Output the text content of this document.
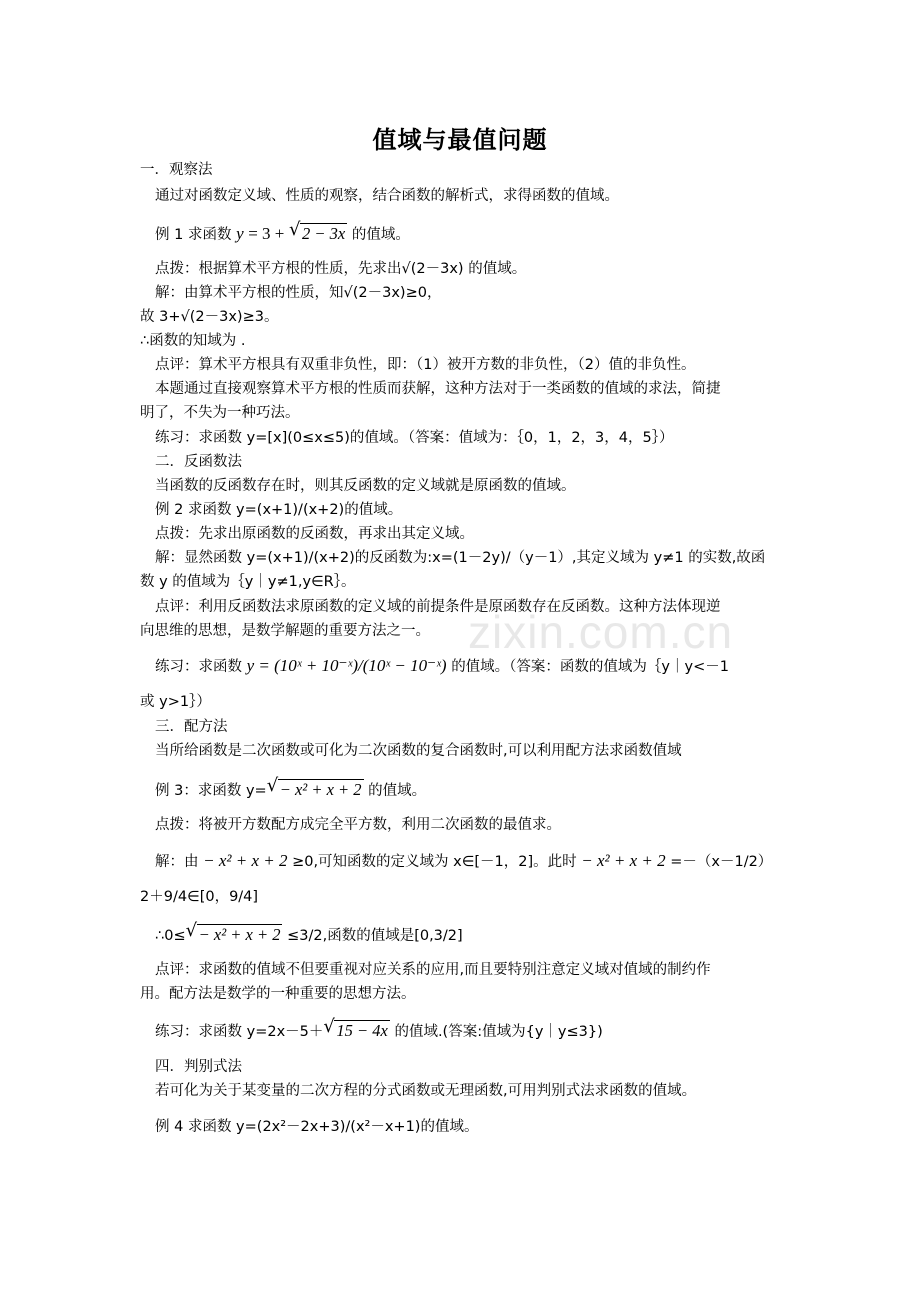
值域与最值问题
一．观察法
通过对函数定义域、性质的观察，结合函数的解析式，求得函数的值域。
例 1 求函数 y = 3 + √ 2 − 3x 的值域。
点拨：根据算术平方根的性质，先求出√(2－3x) 的值域。
解：由算术平方根的性质，知√(2－3x)≥0，
故 3+√(2－3x)≥3。
∴函数的知域为 .
点评：算术平方根具有双重非负性，即：（1）被开方数的非负性，（2）值的非负性。
本题通过直接观察算术平方根的性质而获解，这种方法对于一类函数的值域的求法，简捷
明了，不失为一种巧法。
练习：求函数 y=[x](0≤x≤5)的值域。（答案：值域为：｛0，1，2，3，4，5｝）
二．反函数法
当函数的反函数存在时，则其反函数的定义域就是原函数的值域。
例 2 求函数 y=(x+1)/(x+2)的值域。
点拨：先求出原函数的反函数，再求出其定义域。
解：显然函数 y=(x+1)/(x+2)的反函数为:x=(1－2y)/（y－1）,其定义域为 y≠1 的实数,故函
数 y 的值域为｛y｜y≠1,y∈R｝。
点评：利用反函数法求原函数的定义域的前提条件是原函数存在反函数。这种方法体现逆
向思维的思想，是数学解题的重要方法之一。 zixin.com.cn
练习：求函数 y = (10ˣ + 10⁻ˣ)/(10ˣ − 10⁻ˣ) 的值域。（答案：函数的值域为｛y｜y<－1
或 y>1｝）
三．配方法
当所给函数是二次函数或可化为二次函数的复合函数时,可以利用配方法求函数值域
例 3：求函数 y= √ − x² + x + 2 的值域。
点拨：将被开方数配方成完全平方数，利用二次函数的最值求。
解：由 − x² + x + 2 ≥0,可知函数的定义域为 x∈[－1，2]。此时 − x² + x + 2 =－（x－1/2）
2＋9/4∈[0，9/4]
∴0≤ √ − x² + x + 2 ≤3/2,函数的值域是[0,3/2]
点评：求函数的值域不但要重视对应关系的应用,而且要特别注意定义域对值域的制约作
用。配方法是数学的一种重要的思想方法。
练习：求函数 y=2x－5＋ √ 15 − 4x 的值域.(答案:值域为{y｜y≤3})
四．判别式法
若可化为关于某变量的二次方程的分式函数或无理函数,可用判别式法求函数的值域。
例 4 求函数 y=(2x²－2x+3)/(x²－x+1)的值域。
